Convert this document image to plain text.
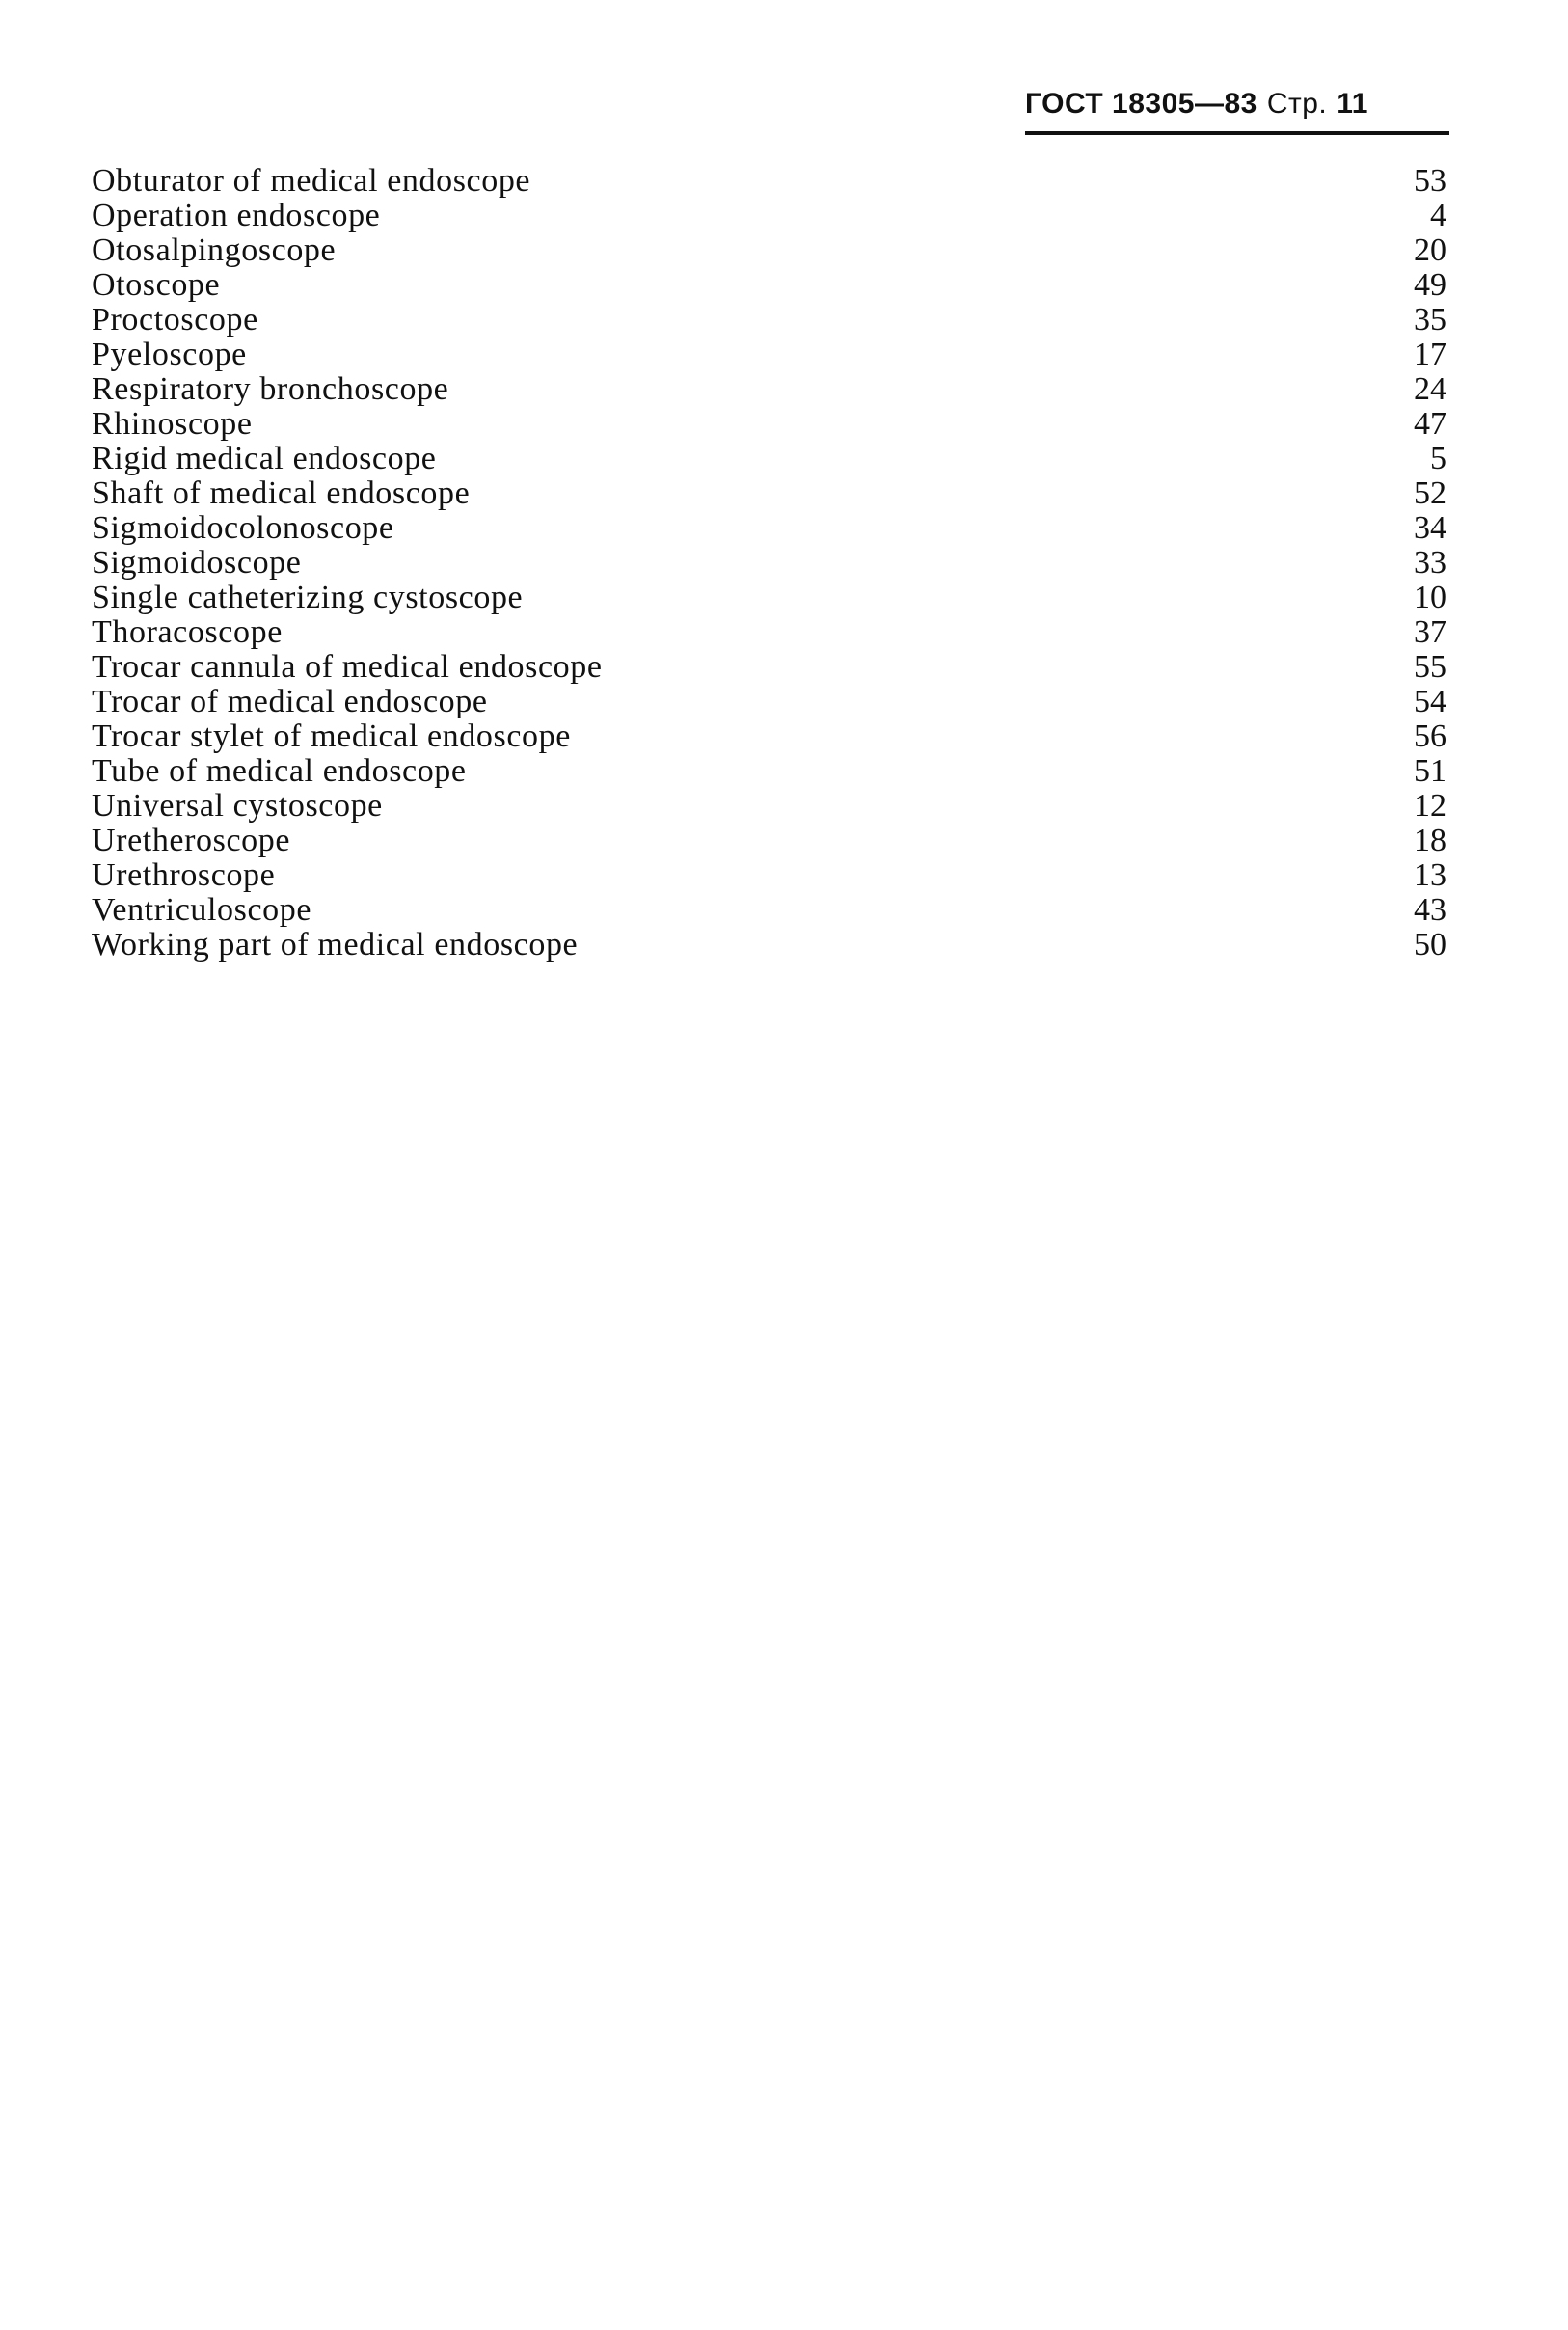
ГОСТ 18305—83 Стр. 11
Obturator of medical endoscope	53
Operation endoscope	4
Otosalpingoscope	20
Otoscope	49
Proctoscope	35
Pyeloscope	17
Respiratory bronchoscope	24
Rhinoscope	47
Rigid medical endoscope	5
Shaft of medical endoscope	52
Sigmoidocolonoscope	34
Sigmoidoscope	33
Single catheterizing cystoscope	10
Thoracoscope	37
Trocar cannula of medical endoscope	55
Trocar of medical endoscope	54
Trocar stylet of medical endoscope	56
Tube of medical endoscope	51
Universal cystoscope	12
Uretheroscope	18
Urethroscope	13
Ventriculoscope	43
Working part of medical endoscope	50
